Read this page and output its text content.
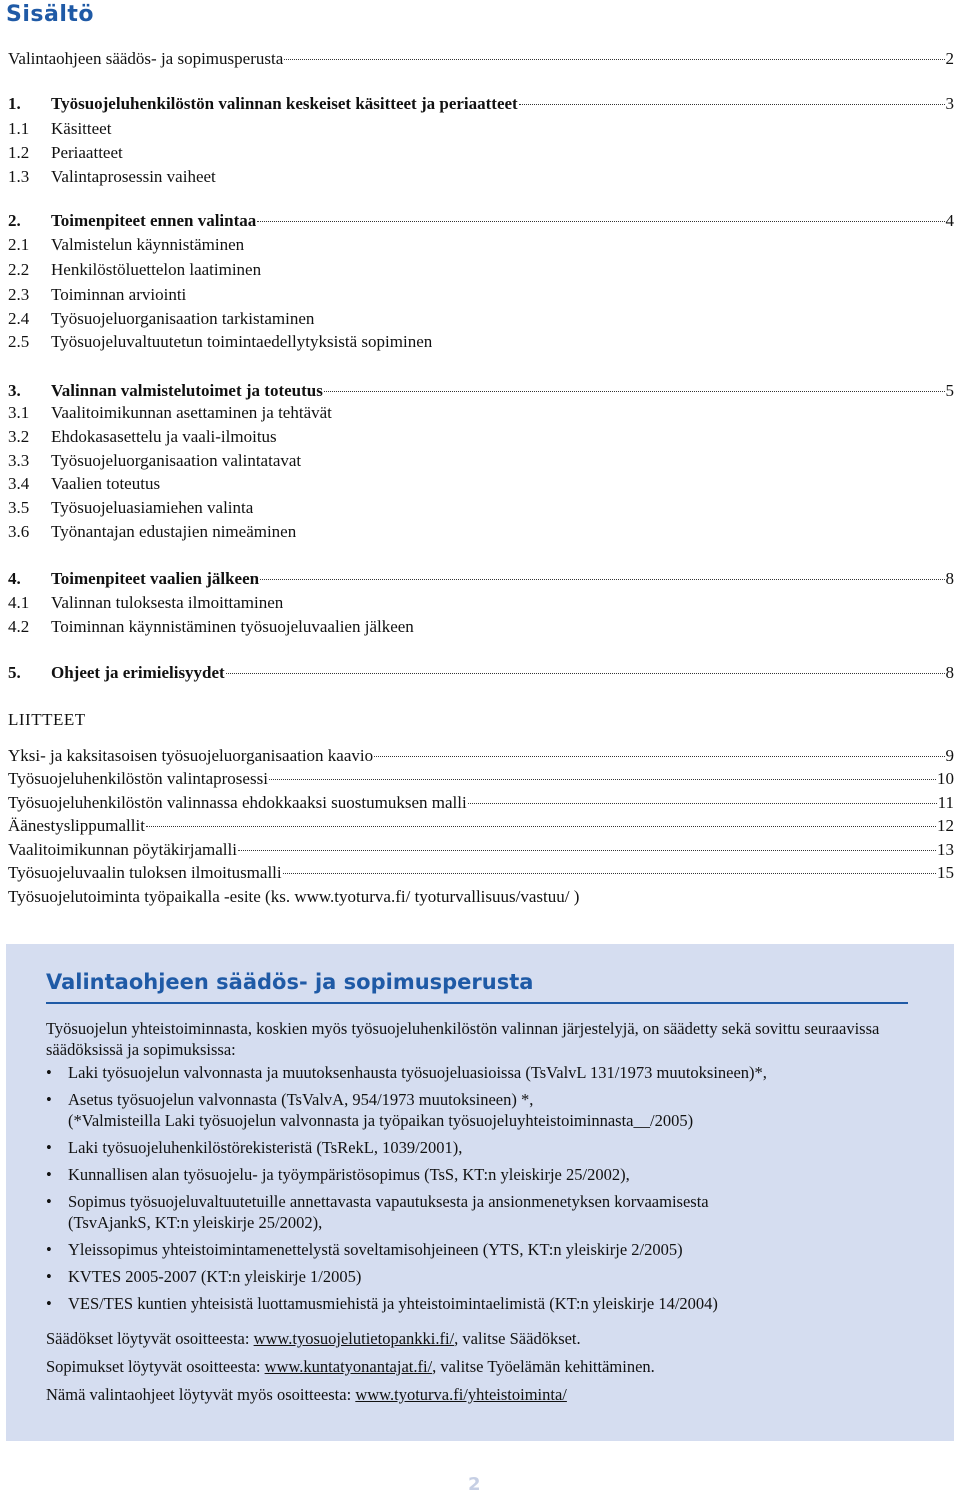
Sisältö
Valintaohjeen säädös- ja sopimusperusta	2
1.	Työsuojeluhenkilöstön valinnan keskeiset käsitteet ja periaatteet	3
1.1	Käsitteet
1.2	Periaatteet
1.3	Valintaprosessin vaiheet
2.	Toimenpiteet ennen valintaa	4
2.1	Valmistelun käynnistäminen
2.2	Henkilöstöluettelon laatiminen
2.3	Toiminnan arviointi
2.4	Työsuojeluorganisaation tarkistaminen
2.5	Työsuojeluvaltuutetun toimintaedellytyksistä sopiminen
3.	Valinnan valmistelutoimet ja toteutus	5
3.1	Vaalitoimikunnan asettaminen ja tehtävät
3.2	Ehdokasasettelu ja vaali-ilmoitus
3.3	Työsuojeluorganisaation valintatavat
3.4	Vaalien toteutus
3.5	Työsuojeluasiamiehen valinta
3.6	Työnantajan edustajien nimeäminen
4.	Toimenpiteet vaalien jälkeen	8
4.1	Valinnan tuloksesta ilmoittaminen
4.2	Toiminnan käynnistäminen työsuojeluvaalien jälkeen
5.	Ohjeet ja erimielisyydet	8
Yksi- ja kaksitasoisen työsuojeluorganisaation kaavio	9
Työsuojeluhenkilöstön valintaprosessi	10
Työsuojeluhenkilöstön valinnassa ehdokkaaksi suostumuksen malli	11
Äänestyslippumallit	12
Vaalitoimikunnan pöytäkirjamalli	13
Työsuojeluvaalin tuloksen ilmoitusmalli	15
Työsuojelutoiminta työpaikalla -esite (ks. www.tyoturva.fi/ tyoturvallisuus/vastuu/ )
LIITTEET
Valintaohjeen säädös- ja sopimusperusta
Työsuojelun yhteistoiminnasta, koskien myös työsuojeluhenkilöstön valinnan järjestelyjä, on säädetty sekä sovittu seuraavissa säädöksissä ja sopimuksissa:
• Laki työsuojelun valvonnasta ja muutoksenhausta työsuojeluasioissa (TsValvL 131/1973 muutoksineen)*,
• Asetus työsuojelun valvonnasta (TsValvA, 954/1973 muutoksineen) *,
(*Valmisteilla Laki työsuojelun valvonnasta ja työpaikan työsuojeluyhteistoiminnasta__/2005)
• Laki työsuojeluhenkilöstörekisteristä (TsRekL, 1039/2001),
• Kunnallisen alan työsuojelu- ja työympäristösopimus (TsS, KT:n yleiskirje 25/2002),
• Sopimus työsuojeluvaltuutetuille annettavasta vapautuksesta ja ansionmenetyksen korvaamisesta
(TsvAjankS, KT:n yleiskirje 25/2002),
• Yleissopimus yhteistoimintamenettelystä soveltamisohjeineen (YTS, KT:n yleiskirje 2/2005)
• KVTES 2005-2007 (KT:n yleiskirje 1/2005)
• VES/TES kuntien yhteisistä luottamusmiehistä ja yhteistoimintaelimistä (KT:n yleiskirje 14/2004)

Säädökset löytyvät osoitteesta: www.tyosuojelutietopankki.fi/, valitse Säädökset.

Sopimukset löytyvät osoitteesta: www.kuntatyonantajat.fi/, valitse Työelämän kehittäminen.

Nämä valintaohjeet löytyvät myös osoitteesta: www.tyoturva.fi/yhteistoiminta/

2
